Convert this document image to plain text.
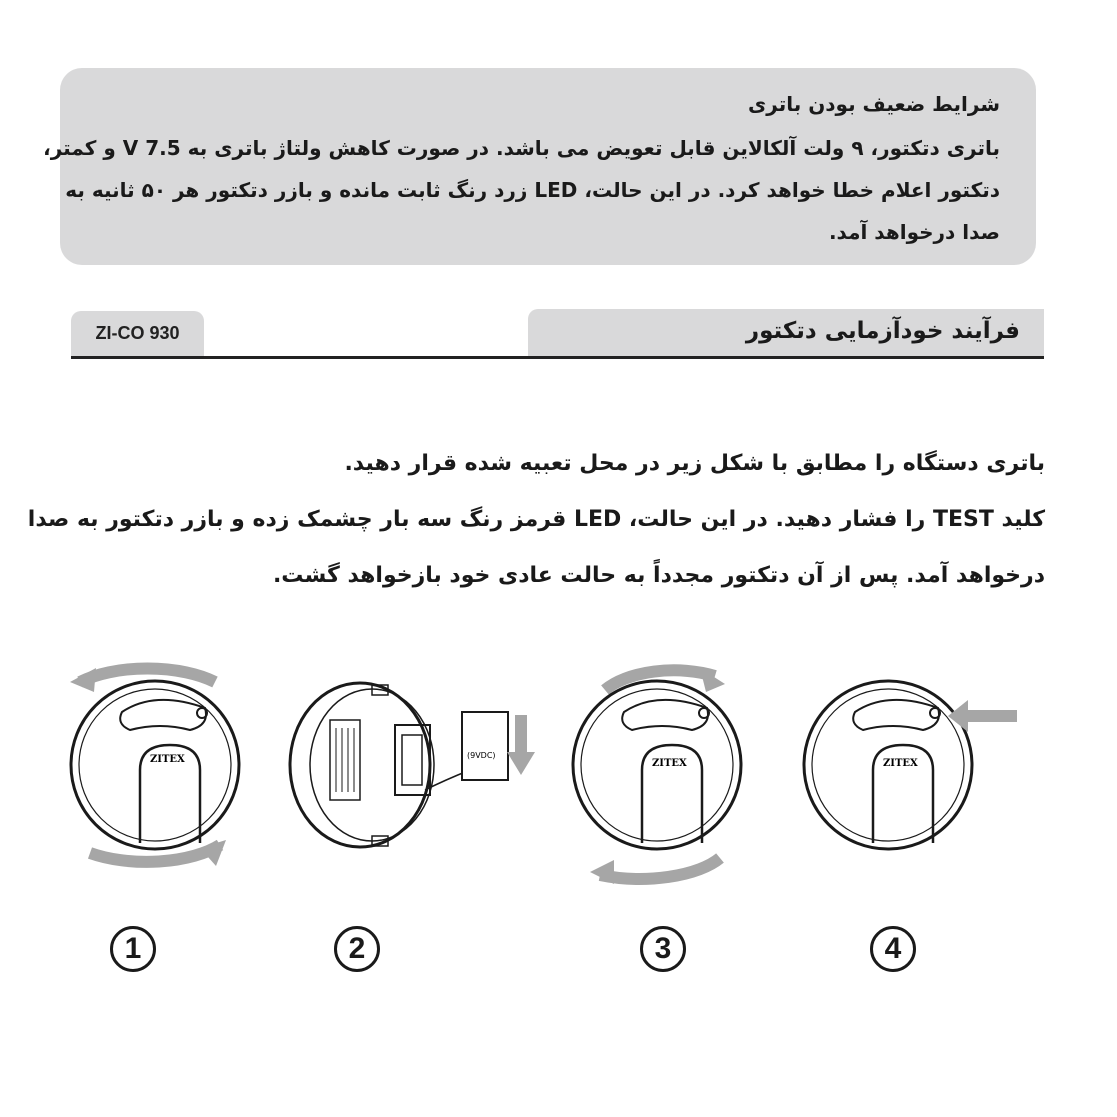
شرایط ضعیف بودن باتری
باتری دتکتور، ۹ ولت آلکالاین قابل تعویض می باشد. در صورت کاهش ولتاژ باتری به 7.5 V و کمتر،
دتکتور اعلام خطا خواهد کرد. در این حالت، LED زرد رنگ ثابت مانده و بازر دتکتور هر ۵۰ ثانیه به
صدا درخواهد آمد.
فرآیند خودآزمایی دتکتور
ZI-CO 930
باتری دستگاه را مطابق با شکل زیر در محل تعبیه شده قرار دهید.
کلید TEST را فشار دهید. در این حالت، LED قرمز رنگ سه بار چشمک زده و بازر دتکتور به صدا
درخواهد آمد. پس از آن دتکتور مجدداً به حالت عادی خود بازخواهد گشت.
ZITEX	(9VDC)
ZITEX	ZITEX
1	2	3	4
